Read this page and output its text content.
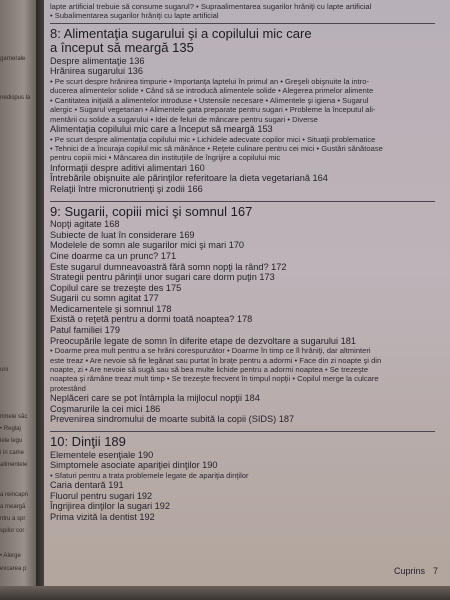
garnerale
nedispus la
uni
rimele săc
• Reglaj
iele legu
i in came
alimentele
a reincapn
a meargă
ntru a spr
spilor cor
• Alerge
excarea p
lapte artificial trebuie să consume sugarul? • Supraalimentarea sugarilor hrăniţi cu lapte artificial
• Subalimentarea sugarilor hrăniţi cu lapte artificial
8: Alimentaţia sugarului şi a copilului mic care
a început să meargă 135
Despre alimentaţie 136
Hrănirea sugarului 136
• Pe scurt despre hrănirea timpurie • Importanţa laptelui în primul an • Greşeli obişnuite la intro-
ducerea alimentelor solide • Când să se introducă alimentele solide • Alegerea primelor alimente
• Cantitatea iniţială a alimentelor introduse • Ustensile necesare • Alimentele şi igiena • Sugarul
alergic • Sugarul vegetarian • Alimentele gata preparate pentru sugari • Probleme la începutul ali-
mentării cu solide a sugarului • Idei de feluri de mâncare pentru sugari • Diverse
Alimentaţia copilului mic care a început să meargă 153
• Pe scurt despre alimentaţia copilului mic • Lichidele adecvate copilor mici • Situaţii problematice
• Tehnici de a încuraja copilul mic să mănânce • Reţete culinare pentru cei mici • Gustări sănătoase
pentru copiii mici • Mâncarea din instituţiile de îngrijire a copilului mic
Informaţii despre aditivi alimentari 160
Întrebările obişnuite ale părinţilor referitoare la dieta vegetariană 164
Relaţii între micronutrienţi şi zodii 166
9: Sugarii, copiii mici şi somnul 167
Nopţi agitate 168
Subiecte de luat în considerare 169
Modelele de somn ale sugarilor mici şi mari 170
Cine doarme ca un prunc? 171
Este sugarul dumneavoastră fără somn nopţi la rând? 172
Strategii pentru părinţii unor sugari care dorm puţin 173
Copilul care se trezeşte des 175
Sugarii cu somn agitat 177
Medicamentele şi somnul 178
Există o reţetă pentru a dormi toată noaptea? 178
Patul familiei 179
Preocupările legate de somn în diferite etape de dezvoltare a sugarului 181
• Doarme prea mult pentru a se hrăni corespunzător • Doarme în timp ce îl hrăniţi, dar altminteri
este treaz • Are nevoie să fie legănat sau purtat în braţe pentru a adormi • Face din zi noapte şi din
noapte, zi • Are nevoie să sugă sau să bea multe lichide pentru a adormi noaptea • Se trezeşte
noaptea şi rămâne treaz mult timp • Se trezeşte frecvent în timpul nopţii • Copilul merge la culcare
protestând
Neplăceri care se pot întâmpla la mijlocul nopţii 184
Coşmarurile la cei mici 186
Prevenirea sindromului de moarte subită la copii (SIDS) 187
10: Dinţii 189
Elementele esenţiale 190
Simptomele asociate apariţiei dinţilor 190
• Sfaturi pentru a trata problemele legate de apariţia dinţilor
Caria dentară 191
Fluorul pentru sugari 192
Îngrijirea dinţilor la sugari 192
Prima vizită la dentist 192
Cuprins 7
